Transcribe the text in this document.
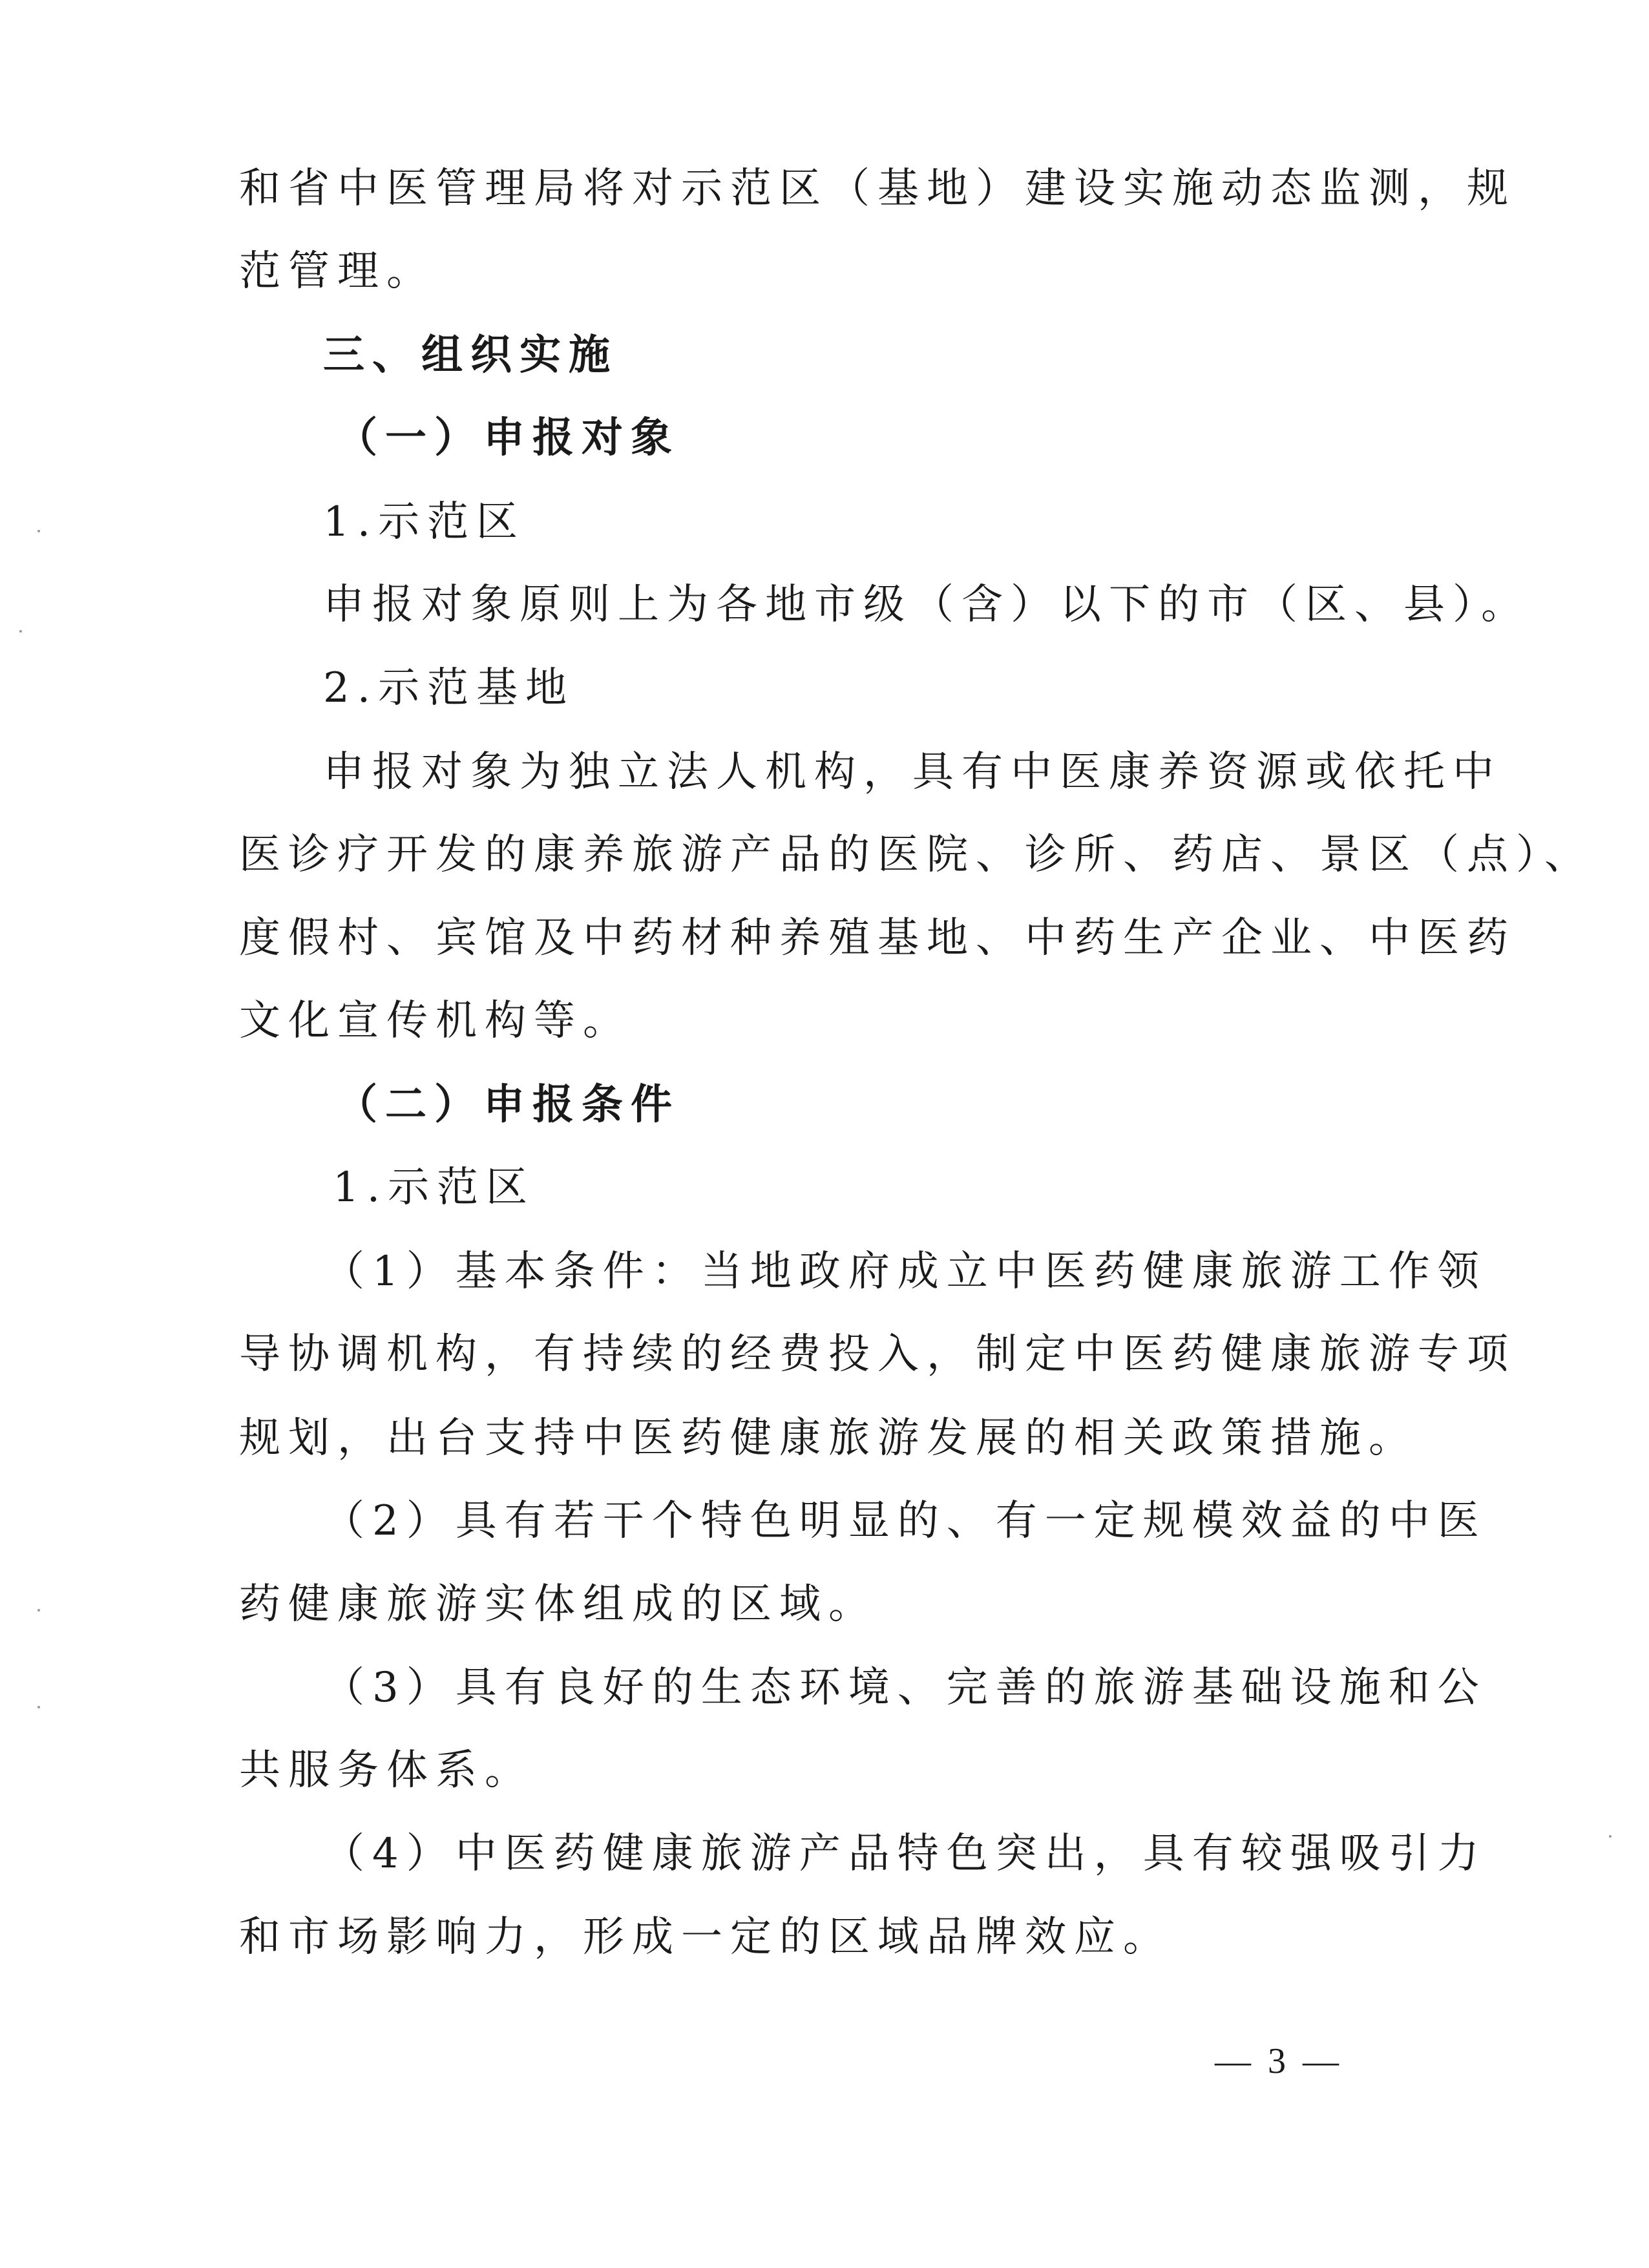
和省中医管理局将对示范区（基地）建设实施动态监测，规
范管理。
三、组织实施
（一）申报对象
1.示范区
申报对象原则上为各地市级（含）以下的市（区、县）。
2.示范基地
申报对象为独立法人机构，具有中医康养资源或依托中
医诊疗开发的康养旅游产品的医院、诊所、药店、景区（点）、
度假村、宾馆及中药材种养殖基地、中药生产企业、中医药
文化宣传机构等。
（二）申报条件
1.示范区
（1）基本条件：当地政府成立中医药健康旅游工作领
导协调机构，有持续的经费投入，制定中医药健康旅游专项
规划，出台支持中医药健康旅游发展的相关政策措施。
（2）具有若干个特色明显的、有一定规模效益的中医
药健康旅游实体组成的区域。
（3）具有良好的生态环境、完善的旅游基础设施和公
共服务体系。
（4）中医药健康旅游产品特色突出，具有较强吸引力
和市场影响力，形成一定的区域品牌效应。
— 3 —
